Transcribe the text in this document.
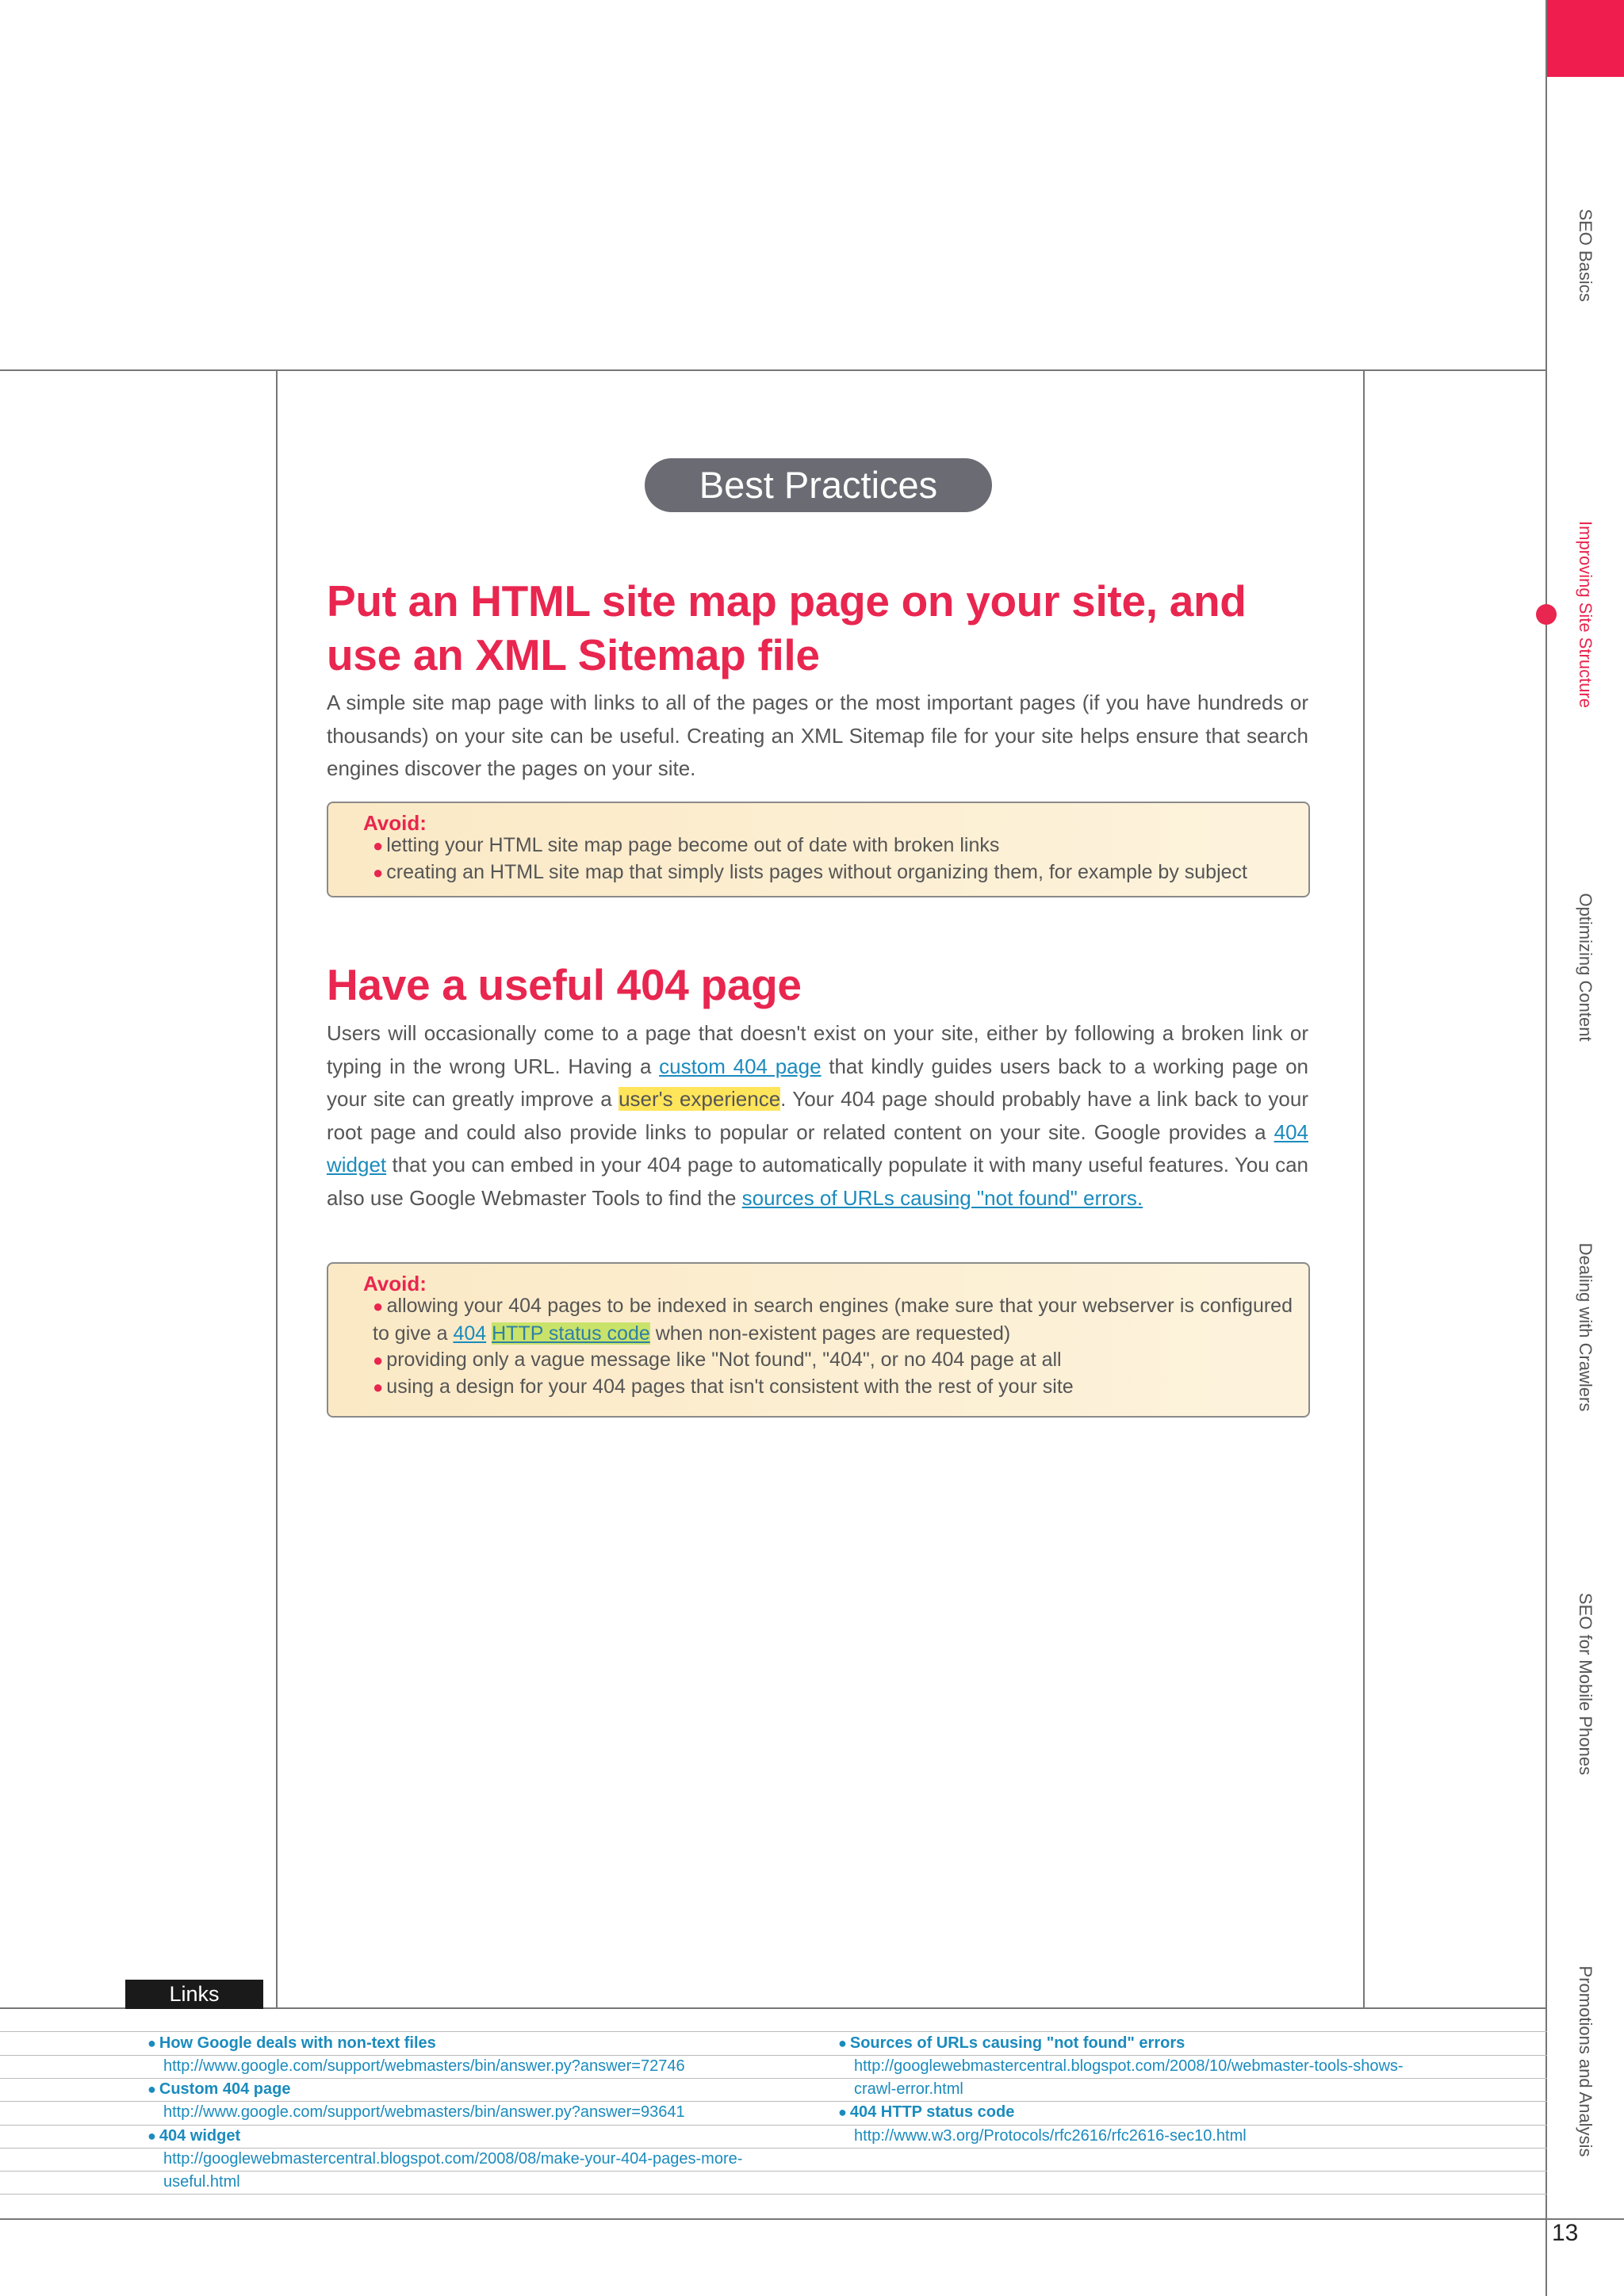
SEO Basics
Improving Site Structure
Optimizing Content
Dealing with Crawlers
SEO for Mobile Phones
Promotions and Analysis
Best Practices
Put an HTML site map page on your site, and
use an XML Sitemap file
A simple site map page with links to all of the pages or the most important pages (if you have hundreds or thousands) on your site can be useful. Creating an XML Sitemap file for your site helps ensure that search engines discover the pages on your site.
Avoid:
● letting your HTML site map page become out of date with broken links
● creating an HTML site map that simply lists pages without organizing them, for example by subject
Have a useful 404 page
Users will occasionally come to a page that doesn't exist on your site, either by following a broken link or typing in the wrong URL. Having a custom 404 page that kindly guides users back to a working page on your site can greatly improve a user's experience. Your 404 page should probably have a link back to your root page and could also provide links to popular or related content on your site. Google provides a 404 widget that you can embed in your 404 page to automatically populate it with many useful features. You can also use Google Webmaster Tools to find the sources of URLs causing "not found" errors.
Avoid:
● allowing your 404 pages to be indexed in search engines (make sure that your webserver is configured to give a 404 HTTP status code when non-existent pages are requested)
● providing only a vague message like "Not found", "404", or no 404 page at all
● using a design for your 404 pages that isn't consistent with the rest of your site
Links
● How Google deals with non-text files
http://www.google.com/support/webmasters/bin/answer.py?answer=72746
● Custom 404 page
http://www.google.com/support/webmasters/bin/answer.py?answer=93641
● 404 widget
http://googlewebmastercentral.blogspot.com/2008/08/make-your-404-pages-more-
useful.html
● Sources of URLs causing "not found" errors
http://googlewebmastercentral.blogspot.com/2008/10/webmaster-tools-shows-
crawl-error.html
● 404 HTTP status code
http://www.w3.org/Protocols/rfc2616/rfc2616-sec10.html
13
